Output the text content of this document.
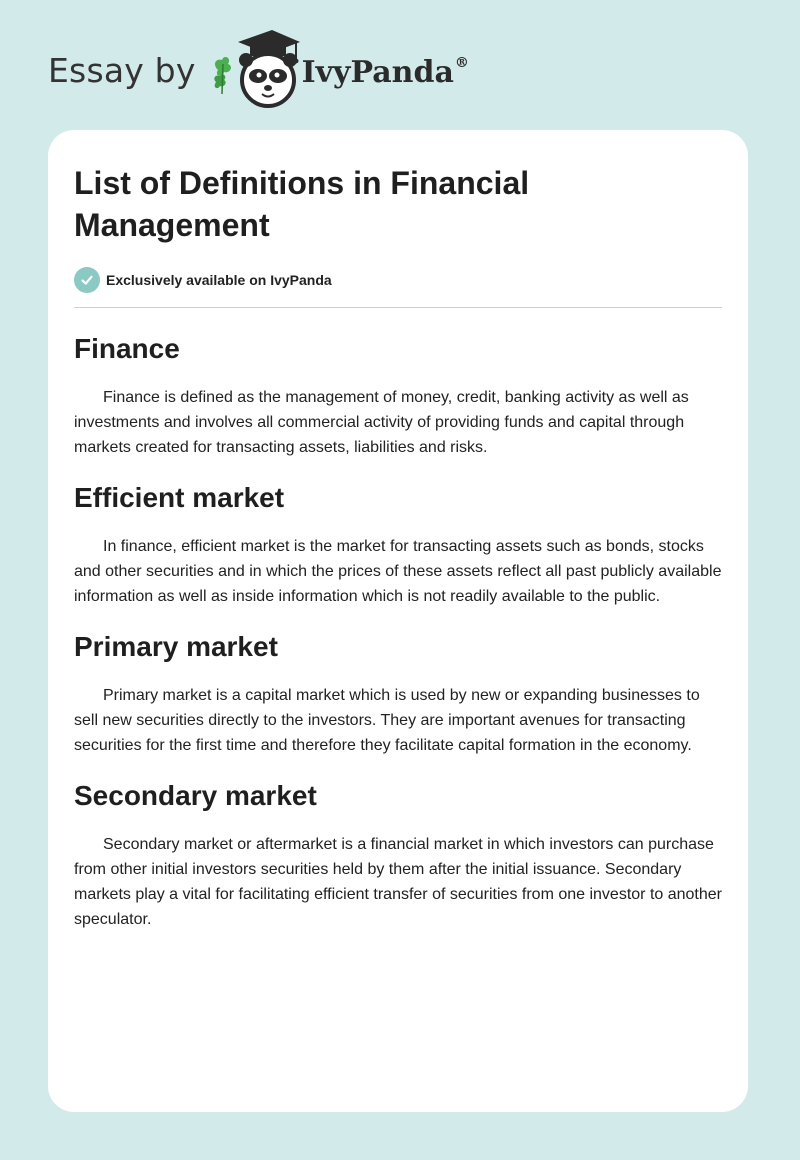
Essay by	IvyPanda®
List of Definitions in Financial Management
Exclusively available on IvyPanda
Finance

Finance is defined as the management of money, credit, banking activity as well as investments and involves all commercial activity of providing funds and capital through markets created for transacting assets, liabilities and risks.

Efficient market

In finance, efficient market is the market for transacting assets such as bonds, stocks and other securities and in which the prices of these assets reflect all past publicly available information as well as inside information which is not readily available to the public.

Primary market

Primary market is a capital market which is used by new or expanding businesses to sell new securities directly to the investors. They are important avenues for transacting securities for the first time and therefore they facilitate capital formation in the economy.

Secondary market

Secondary market or aftermarket is a financial market in which investors can purchase from other initial investors securities held by them after the initial issuance. Secondary markets play a vital for facilitating efficient transfer of securities from one investor to another speculator.
